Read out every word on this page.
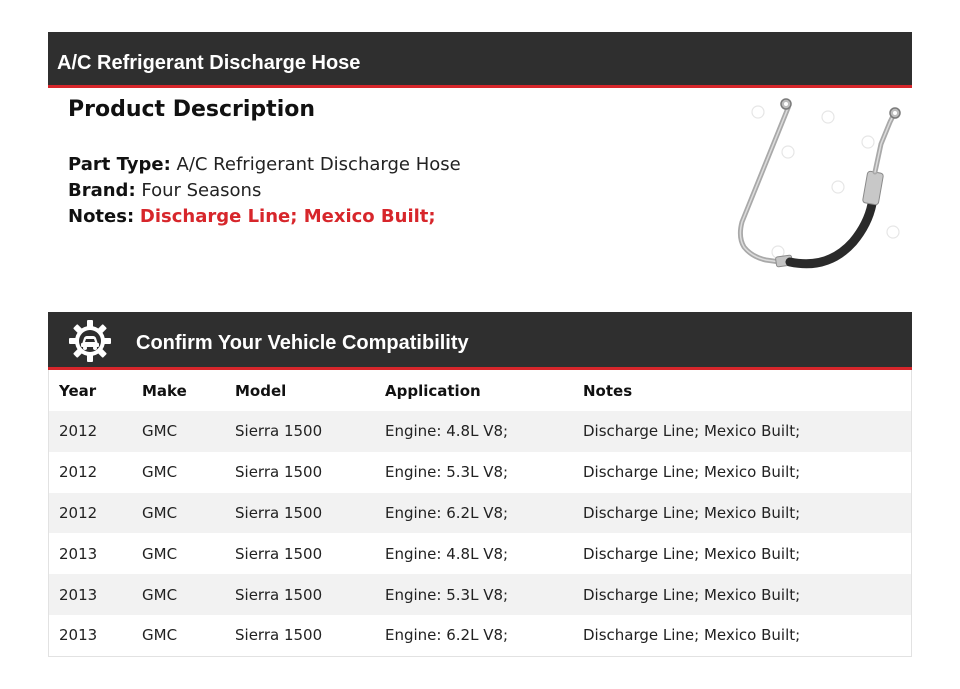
A/C Refrigerant Discharge Hose
Product Description
Part Type: A/C Refrigerant Discharge Hose
Brand: Four Seasons
Notes: Discharge Line; Mexico Built;
Confirm Your Vehicle Compatibility
Year	Make	Model	Application	Notes
2012	GMC	Sierra 1500	Engine: 4.8L V8;	Discharge Line; Mexico Built;
2012	GMC	Sierra 1500	Engine: 5.3L V8;	Discharge Line; Mexico Built;
2012	GMC	Sierra 1500	Engine: 6.2L V8;	Discharge Line; Mexico Built;
2013	GMC	Sierra 1500	Engine: 4.8L V8;	Discharge Line; Mexico Built;
2013	GMC	Sierra 1500	Engine: 5.3L V8;	Discharge Line; Mexico Built;
2013	GMC	Sierra 1500	Engine: 6.2L V8;	Discharge Line; Mexico Built;
